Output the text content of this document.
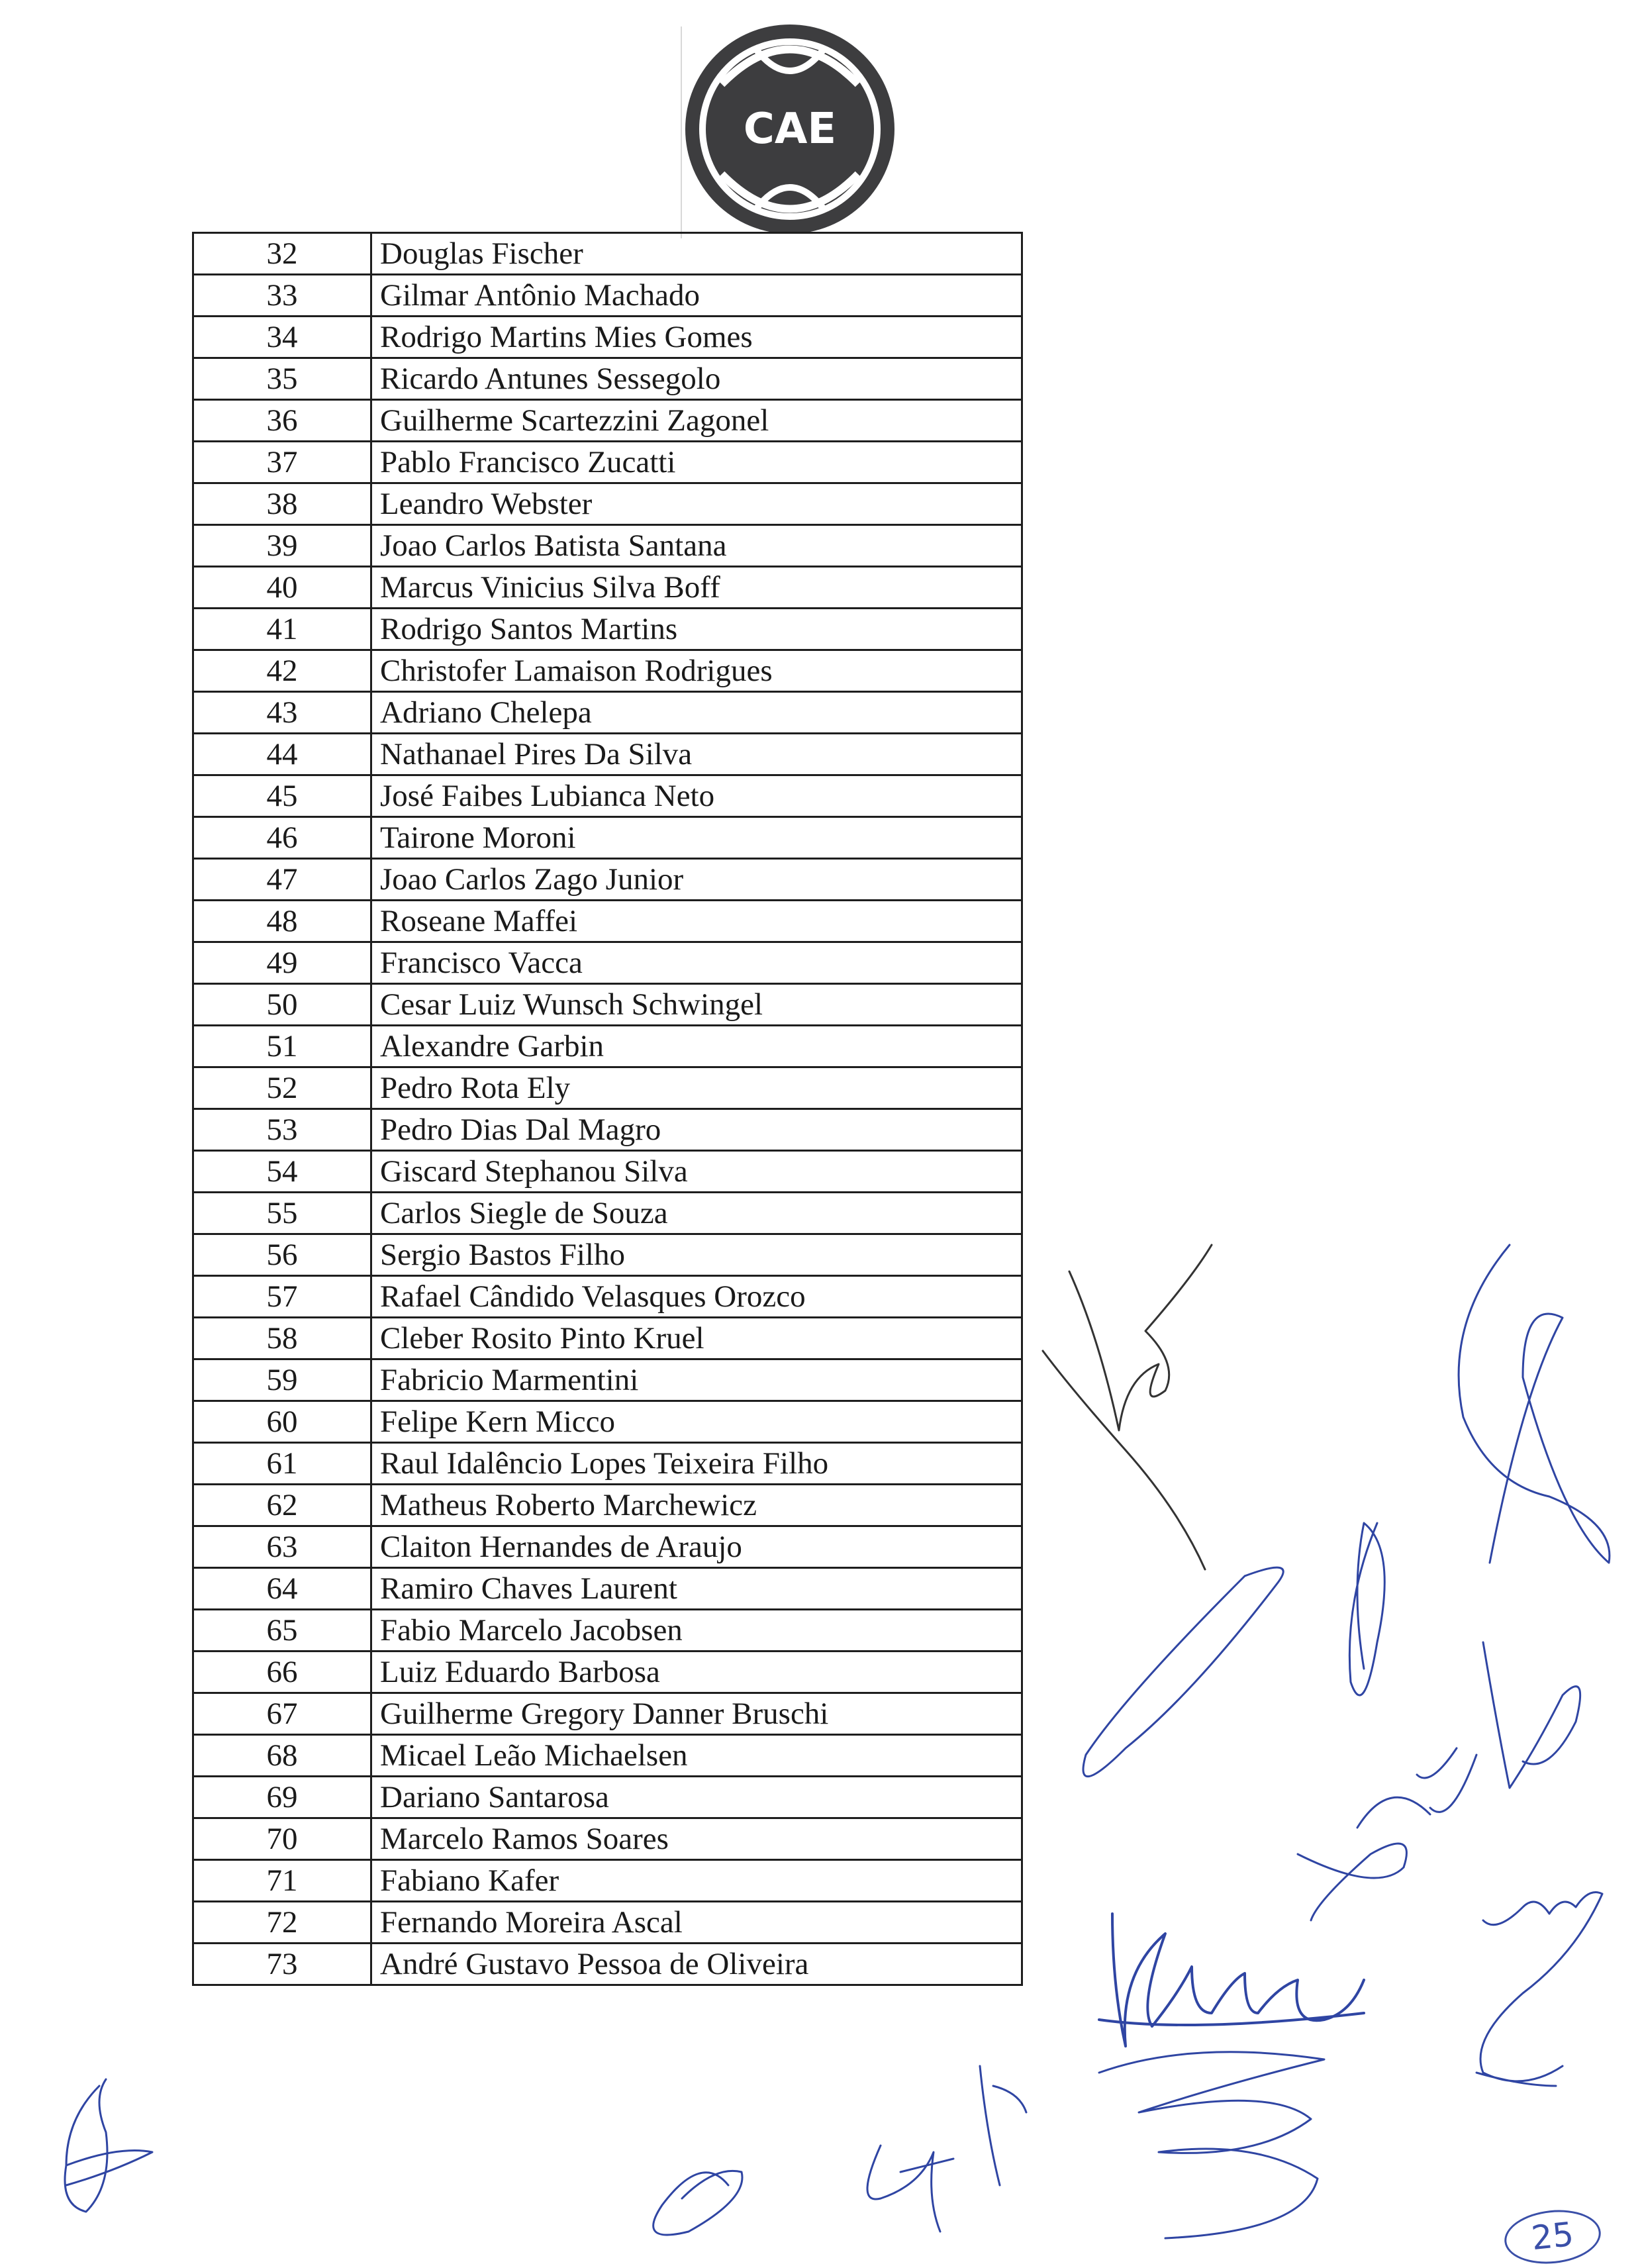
CAE
32	Douglas Fischer
33	Gilmar Antônio Machado
34	Rodrigo Martins Mies Gomes
35	Ricardo Antunes Sessegolo
36	Guilherme Scartezzini Zagonel
37	Pablo Francisco Zucatti
38	Leandro Webster
39	Joao Carlos Batista Santana
40	Marcus Vinicius Silva Boff
41	Rodrigo Santos Martins
42	Christofer Lamaison Rodrigues
43	Adriano Chelepa
44	Nathanael Pires Da Silva
45	José Faibes Lubianca Neto
46	Tairone Moroni
47	Joao Carlos Zago Junior
48	Roseane Maffei
49	Francisco Vacca
50	Cesar Luiz Wunsch Schwingel
51	Alexandre Garbin
52	Pedro Rota Ely
53	Pedro Dias Dal Magro
54	Giscard Stephanou Silva
55	Carlos Siegle de Souza
56	Sergio Bastos Filho
57	Rafael Cândido Velasques Orozco
58	Cleber Rosito Pinto Kruel
59	Fabricio Marmentini
60	Felipe Kern Micco
61	Raul Idalêncio Lopes Teixeira Filho
62	Matheus Roberto Marchewicz
63	Claiton Hernandes de Araujo
64	Ramiro Chaves Laurent
65	Fabio Marcelo Jacobsen
66	Luiz Eduardo Barbosa
67	Guilherme Gregory Danner Bruschi
68	Micael Leão Michaelsen
69	Dariano Santarosa
70	Marcelo Ramos Soares
71	Fabiano Kafer
72	Fernando Moreira Ascal
73	André Gustavo Pessoa de Oliveira
25
